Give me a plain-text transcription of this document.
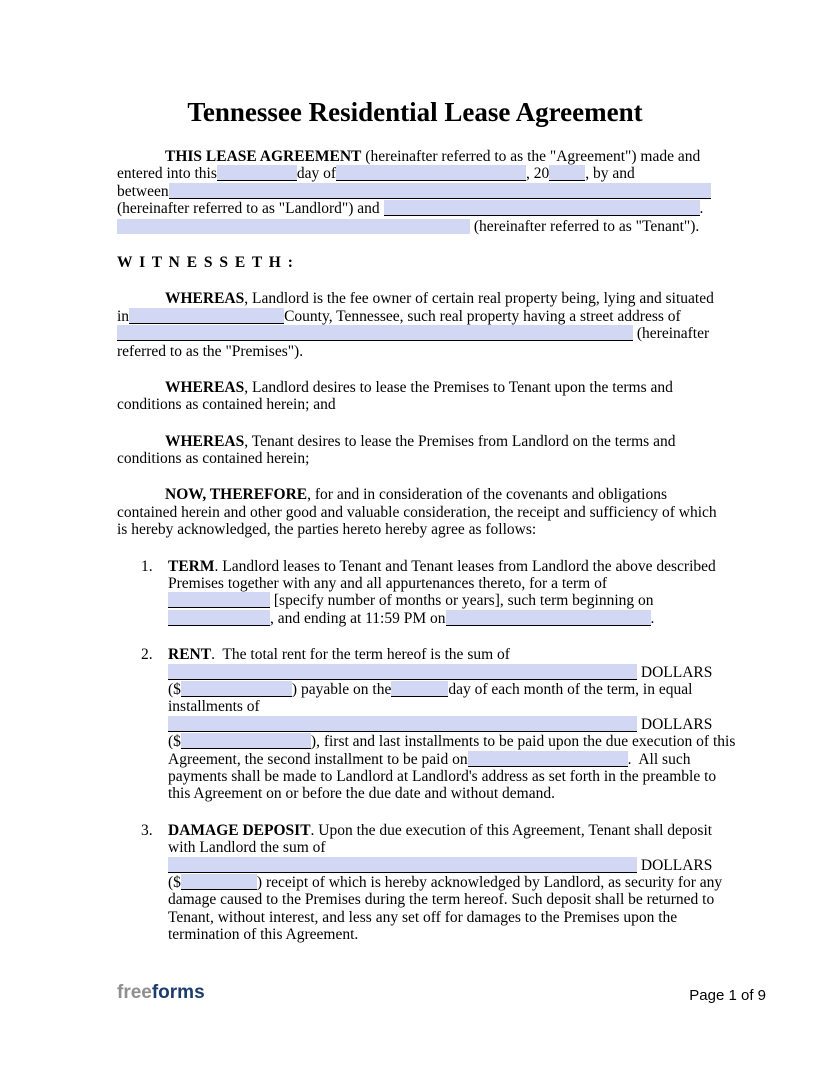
Tennessee Residential Lease Agreement
THIS LEASE AGREEMENT (hereinafter referred to as the "Agreement") made and
entered into this	day of	, 20 , by and
between
(hereinafter referred to as "Landlord") and	.
(hereinafter referred to as "Tenant").
W I T N E S S E T H :
WHEREAS, Landlord is the fee owner of certain real property being, lying and situated
in	County, Tennessee, such real property having a street address of
(hereinafter
referred to as the "Premises").
WHEREAS, Landlord desires to lease the Premises to Tenant upon the terms and
conditions as contained herein; and
WHEREAS, Tenant desires to lease the Premises from Landlord on the terms and
conditions as contained herein;
NOW, THEREFORE, for and in consideration of the covenants and obligations
contained herein and other good and valuable consideration, the receipt and sufficiency of which
is hereby acknowledged, the parties hereto hereby agree as follows:
1. TERM. Landlord leases to Tenant and Tenant leases from Landlord the above described
Premises together with any and all appurtenances thereto, for a term of
[specify number of months or years], such term beginning on
, and ending at 11:59 PM on	.
2. RENT.  The total rent for the term hereof is the sum of
DOLLARS
($	) payable on the	day of each month of the term, in equal
installments of
DOLLARS
($	), first and last installments to be paid upon the due execution of this
Agreement, the second installment to be paid on	.  All such
payments shall be made to Landlord at Landlord's address as set forth in the preamble to
this Agreement on or before the due date and without demand.
3. DAMAGE DEPOSIT. Upon the due execution of this Agreement, Tenant shall deposit
with Landlord the sum of
DOLLARS
($	) receipt of which is hereby acknowledged by Landlord, as security for any
damage caused to the Premises during the term hereof. Such deposit shall be returned to
Tenant, without interest, and less any set off for damages to the Premises upon the
termination of this Agreement.
freeforms	Page 1 of 9
